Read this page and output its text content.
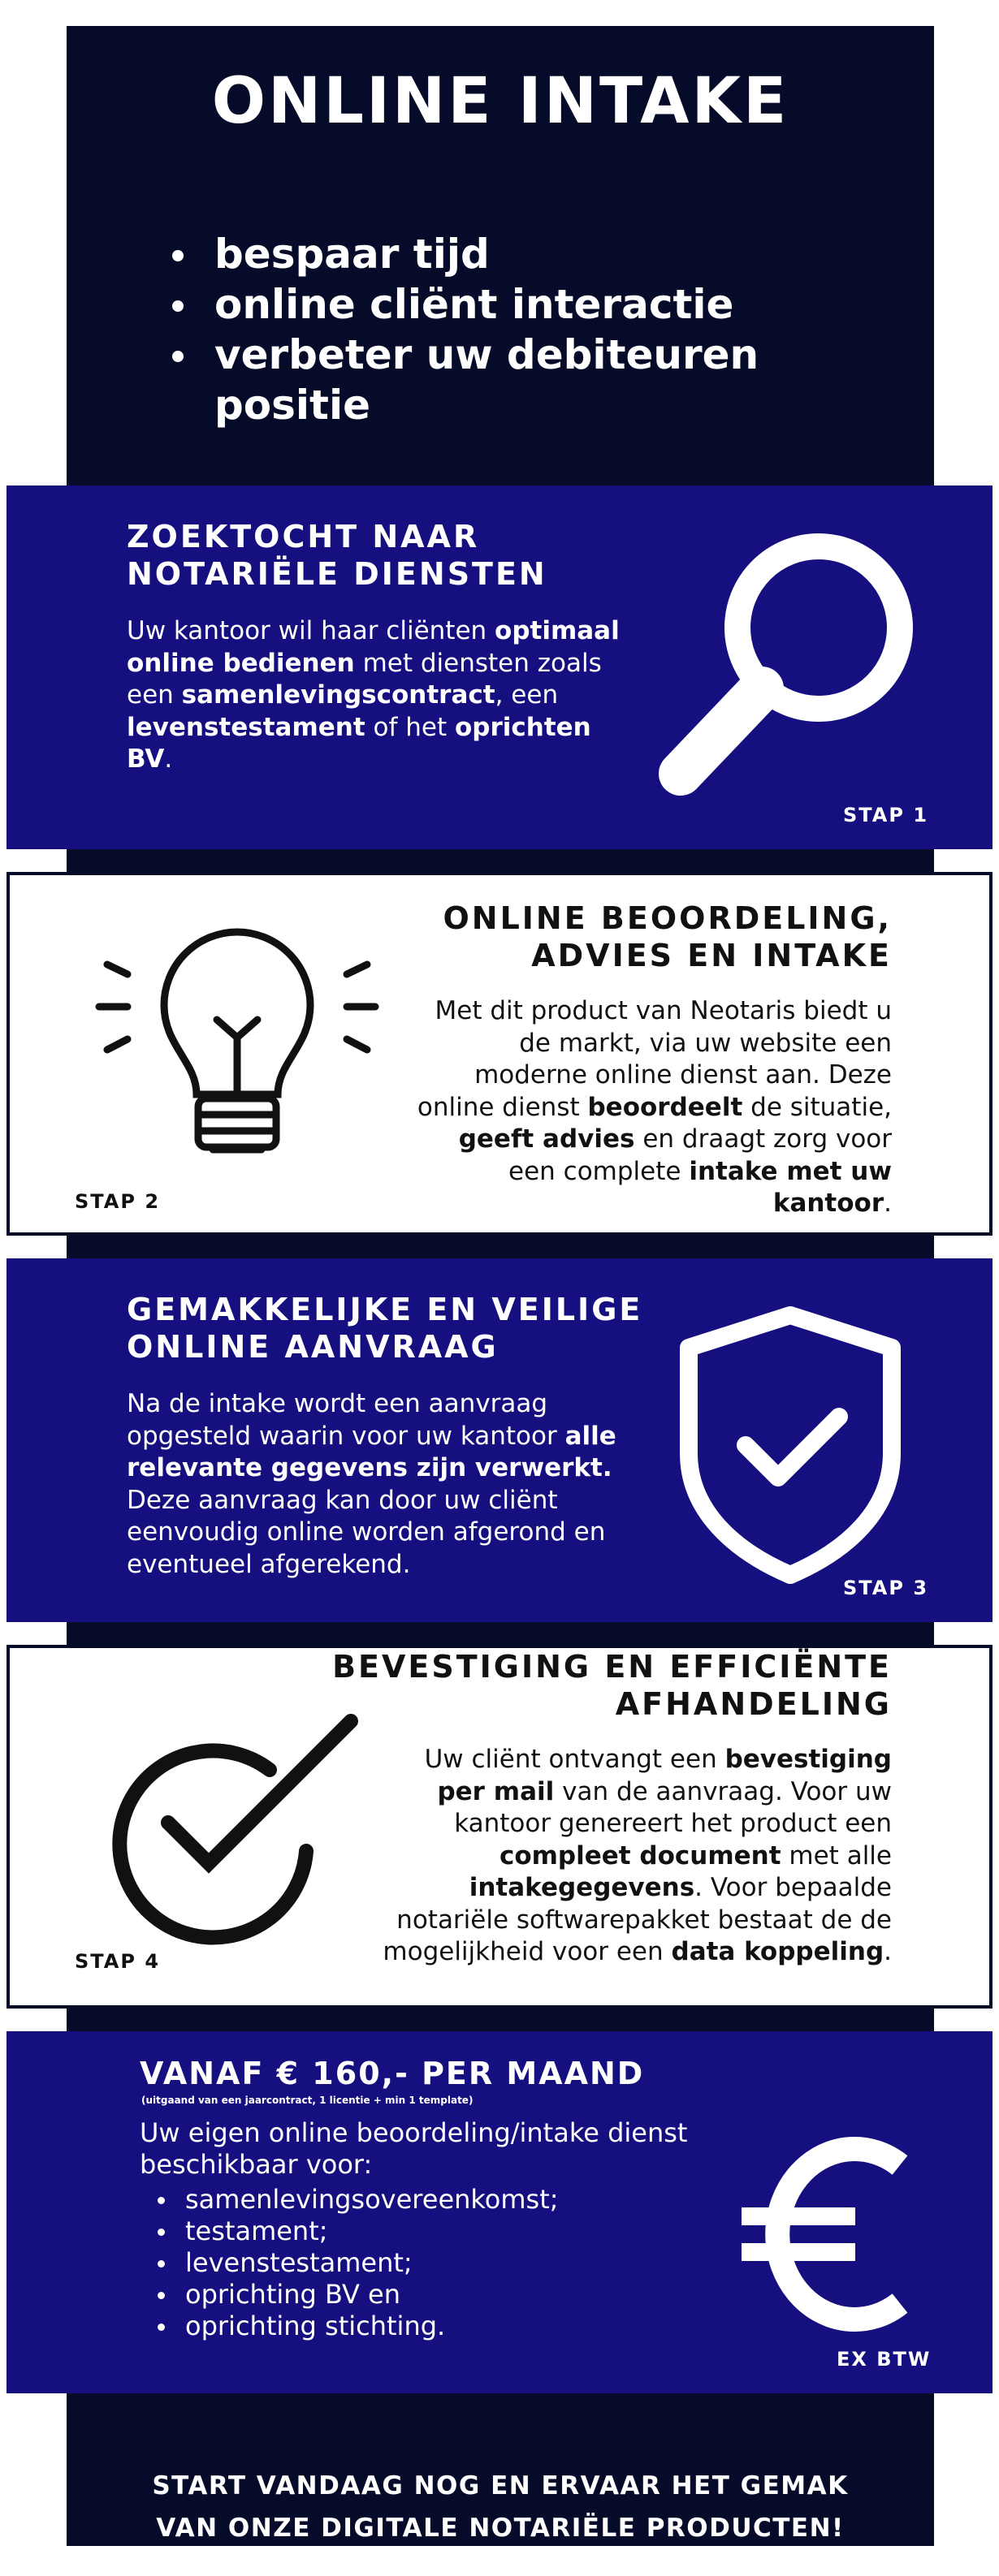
ONLINE INTAKE
bespaar tijd
online cliënt interactie
verbeter uw debiteuren positie
ZOEKTOCHT NAAR
NOTARIËLE DIENSTEN
Uw kantoor wil haar cliënten optimaal online bedienen met diensten zoals een samenlevingscontract, een levenstestament of het oprichten BV.
STAP 1
ONLINE BEOORDELING,
ADVIES EN INTAKE
Met dit product van Neotaris biedt u de markt, via uw website een moderne online dienst aan. Deze online dienst beoordeelt de situatie, geeft advies en draagt zorg voor een complete intake met uw kantoor.
STAP 2
GEMAKKELIJKE EN VEILIGE
ONLINE AANVRAAG
Na de intake wordt een aanvraag opgesteld waarin voor uw kantoor alle relevante gegevens zijn verwerkt. Deze aanvraag kan door uw cliënt eenvoudig online worden afgerond en eventueel afgerekend.
STAP 3
BEVESTIGING EN EFFICIËNTE
AFHANDELING
Uw cliënt ontvangt een bevestiging per mail van de aanvraag. Voor uw kantoor genereert het product een compleet document met alle intakegegevens. Voor bepaalde notariële softwarepakket bestaat de de mogelijkheid voor een data koppeling.
STAP 4
VANAF € 160,- PER MAAND
(uitgaand van een jaarcontract, 1 licentie + min 1 template)
Uw eigen online beoordeling/intake dienst beschikbaar voor:
samenlevingsovereenkomst;
testament;
levenstestament;
oprichting BV en
oprichting stichting.
EX BTW
START VANDAAG NOG EN ERVAAR HET GEMAK
VAN ONZE DIGITALE NOTARIËLE PRODUCTEN!
